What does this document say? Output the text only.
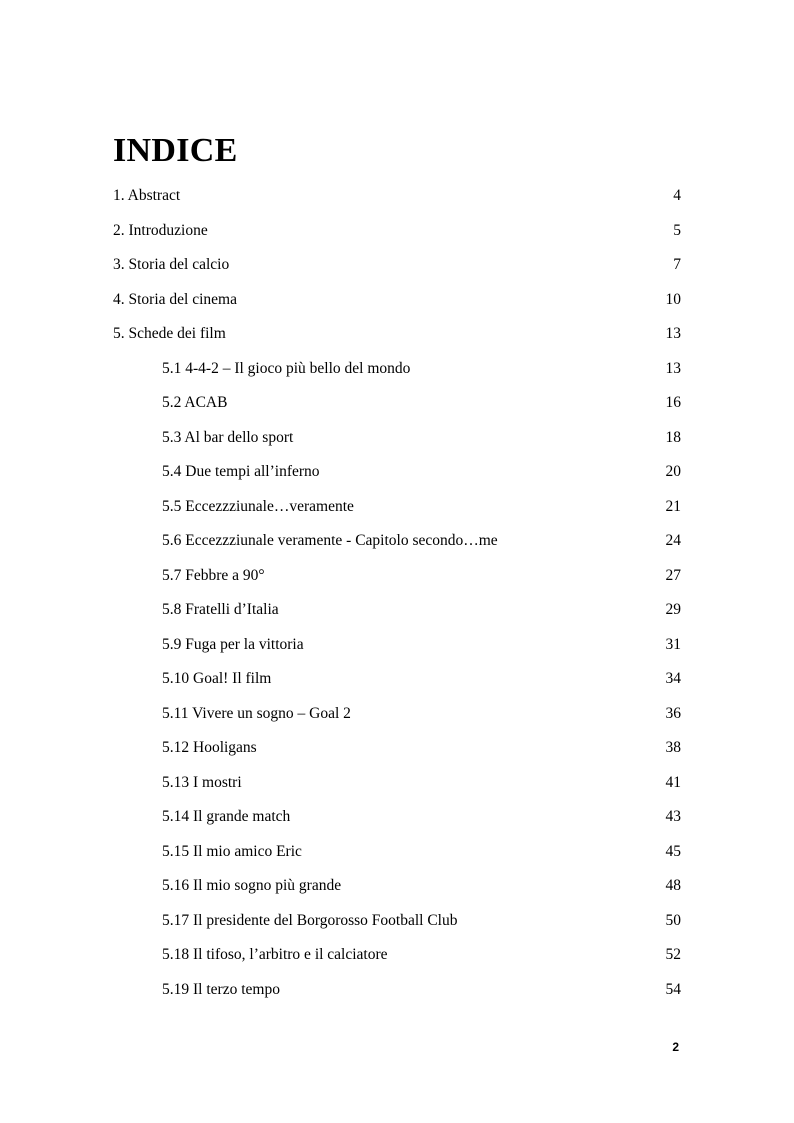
INDICE
1. Abstract	4
2. Introduzione	5
3. Storia del calcio	7
4. Storia del cinema	10
5. Schede dei film	13
5.1 4-4-2 – Il gioco più bello del mondo	13
5.2 ACAB	16
5.3 Al bar dello sport	18
5.4 Due tempi all’inferno	20
5.5 Eccezzziunale…veramente	21
5.6 Eccezzziunale veramente - Capitolo secondo…me	24
5.7 Febbre a 90°	27
5.8 Fratelli d’Italia	29
5.9 Fuga per la vittoria	31
5.10 Goal! Il film	34
5.11 Vivere un sogno – Goal 2	36
5.12 Hooligans	38
5.13 I mostri	41
5.14 Il grande match	43
5.15 Il mio amico Eric	45
5.16 Il mio sogno più grande	48
5.17 Il presidente del Borgorosso Football Club	50
5.18 Il tifoso, l’arbitro e il calciatore	52
5.19 Il terzo tempo	54
2
